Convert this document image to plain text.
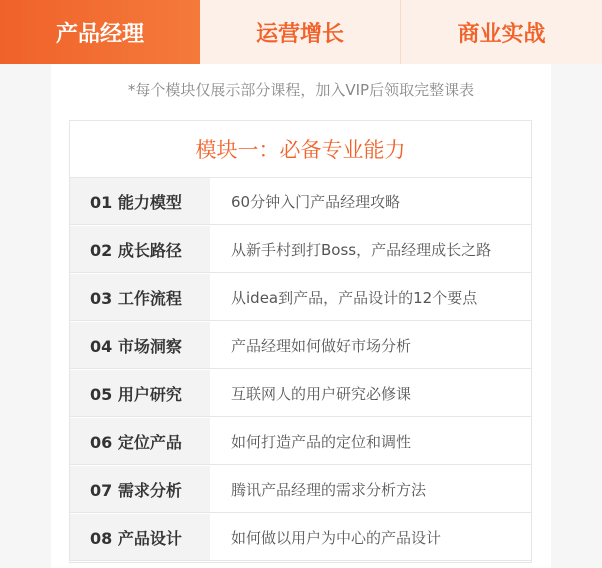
产品经理	运营增长	商业实战
*每个模块仅展示部分课程，加入VIP后领取完整课表
模块一：必备专业能力
01 能力模型	60分钟入门产品经理攻略
02 成长路径	从新手村到打Boss，产品经理成长之路
03 工作流程	从idea到产品，产品设计的12个要点
04 市场洞察	产品经理如何做好市场分析
05 用户研究	互联网人的用户研究必修课
06 定位产品	如何打造产品的定位和调性
07 需求分析	腾讯产品经理的需求分析方法
08 产品设计	如何做以用户为中心的产品设计
